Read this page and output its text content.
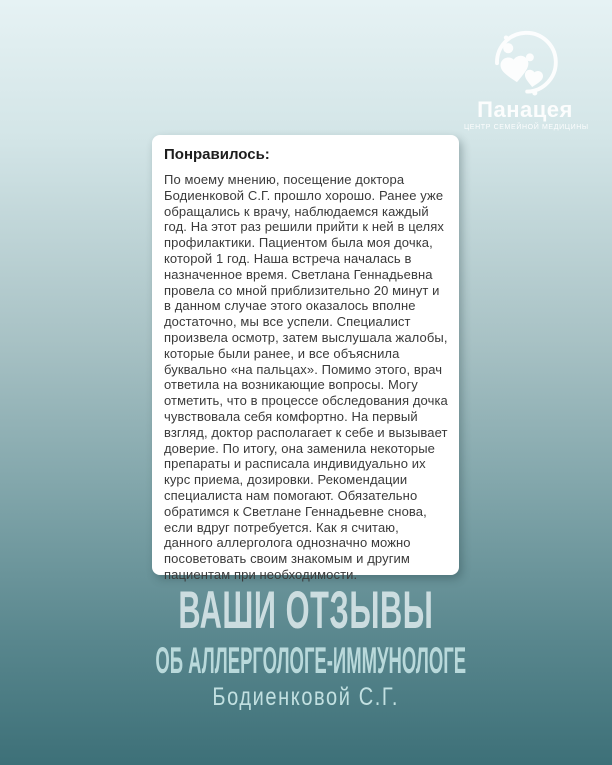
Панацея
ЦЕНТР СЕМЕЙНОЙ МЕДИЦИНЫ
Понравилось:
По моему мнению, посещение доктора Бодиенковой С.Г. прошло хорошо. Ранее уже обращались к врачу, наблюдаемся каждый год. На этот раз решили прийти к ней в целях профилактики. Пациентом была моя дочка, которой 1 год. Наша встреча началась в назначенное время. Светлана Геннадьевна провела со мной приблизительно 20 минут и в данном случае этого оказалось вполне достаточно, мы все успели. Специалист произвела осмотр, затем выслушала жалобы, которые были ранее, и все объяснила буквально «на пальцах». Помимо этого, врач ответила на возникающие вопросы. Могу отметить, что в процессе обследования дочка чувствовала себя комфортно. На первый взгляд, доктор располагает к себе и вызывает доверие. По итогу, она заменила некоторые препараты и расписала индивидуально их курс приема, дозировки. Рекомендации специалиста нам помогают. Обязательно обратимся к Светлане Геннадьевне снова, если вдруг потребуется. Как я считаю, данного аллерголога однозначно можно посоветовать своим знакомым и другим пациентам при необходимости.
ВАШИ ОТЗЫВЫ
ОБ АЛЛЕРГОЛОГЕ-ИММУНОЛОГЕ
Бодиенковой С.Г.
